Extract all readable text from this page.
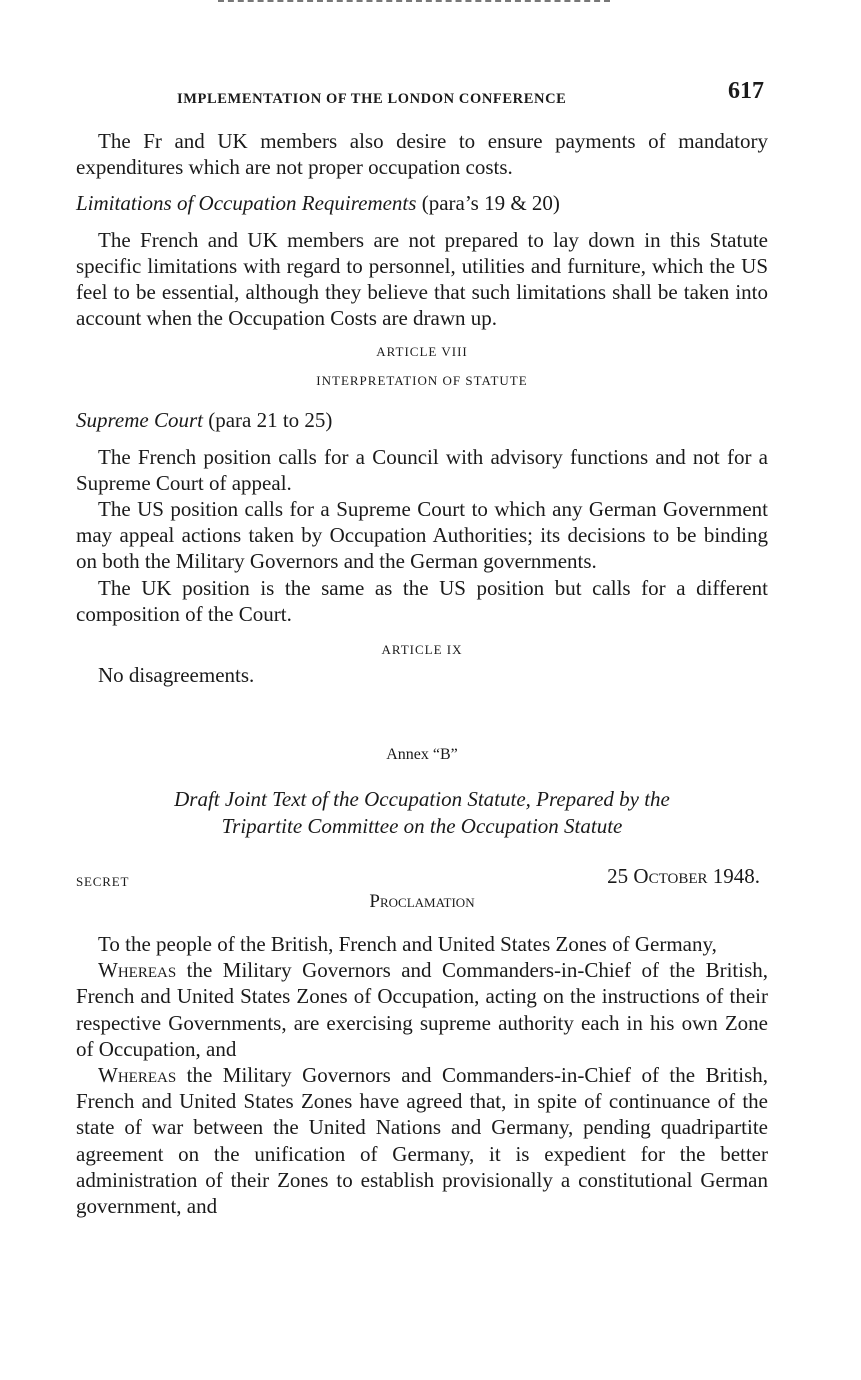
IMPLEMENTATION OF THE LONDON CONFERENCE	617

The Fr and UK members also desire to ensure payments of mandatory expenditures which are not proper occupation costs.

Limitations of Occupation Requirements (para’s 19 & 20)

The French and UK members are not prepared to lay down in this Statute specific limitations with regard to personnel, utilities and furniture, which the US feel to be essential, although they believe that such limitations shall be taken into account when the Occupation Costs are drawn up.

ARTICLE VIII
INTERPRETATION OF STATUTE

Supreme Court (para 21 to 25)

The French position calls for a Council with advisory functions and not for a Supreme Court of appeal.

The US position calls for a Supreme Court to which any German Government may appeal actions taken by Occupation Authorities; its decisions to be binding on both the Military Governors and the German governments.

The UK position is the same as the US position but calls for a different composition of the Court.

ARTICLE IX

No disagreements.

Annex “B”
Draft Joint Text of the Occupation Statute, Prepared by the
Tripartite Committee on the Occupation Statute
SECRET	25 October 1948.
Proclamation

To the people of the British, French and United States Zones of Germany,

Whereas the Military Governors and Commanders-in-Chief of the British, French and United States Zones of Occupation, acting on the instructions of their respective Governments, are exercising supreme authority each in his own Zone of Occupation, and

Whereas the Military Governors and Commanders-in-Chief of the British, French and United States Zones have agreed that, in spite of continuance of the state of war between the United Nations and Germany, pending quadripartite agreement on the unification of Germany, it is expedient for the better administration of their Zones to establish provisionally a constitutional German government, and
